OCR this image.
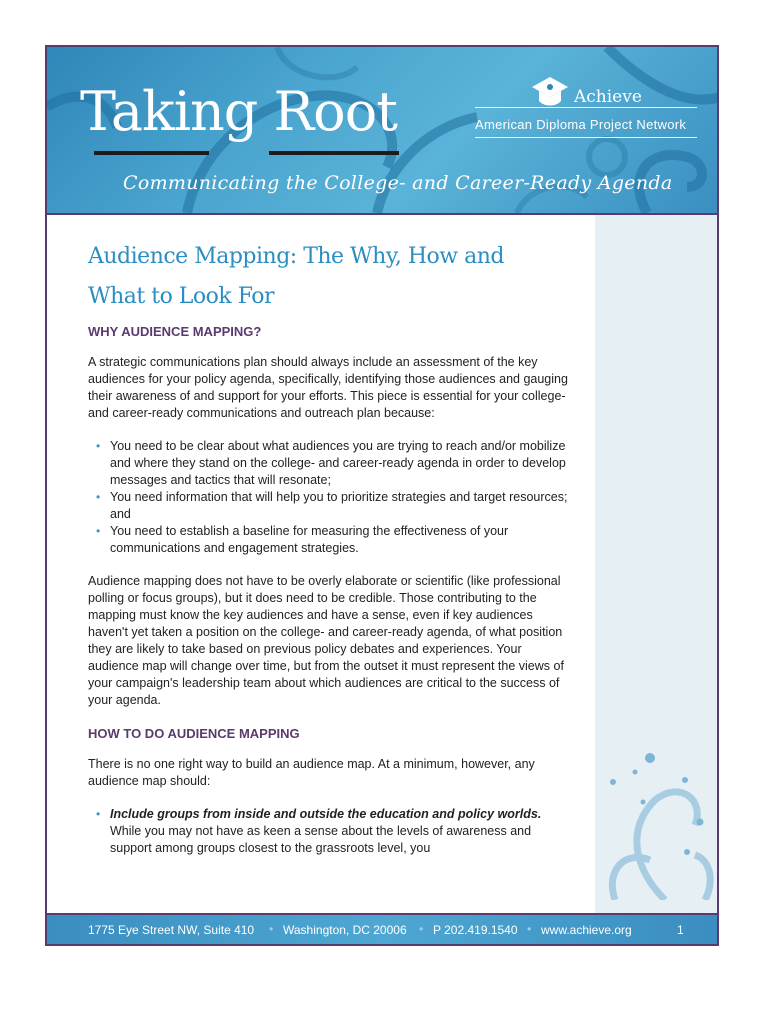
Taking Root
Communicating the College- and Career-Ready Agenda
Achieve
American Diploma Project Network
Audience Mapping: The Why, How and
What to Look For
WHY AUDIENCE MAPPING?

A strategic communications plan should always include an assessment of the key audiences for your policy agenda, specifically, identifying those audiences and gauging their awareness of and support for your efforts. This piece is essential for your college- and career-ready communications and outreach plan because:

• You need to be clear about what audiences you are trying to reach and/or mobilize and where they stand on the college- and career-ready agenda in order to develop messages and tactics that will resonate;
• You need information that will help you to prioritize strategies and target resources; and
• You need to establish a baseline for measuring the effectiveness of your communications and engagement strategies.

Audience mapping does not have to be overly elaborate or scientific (like professional polling or focus groups), but it does need to be credible. Those contributing to the mapping must know the key audiences and have a sense, even if key audiences haven't yet taken a position on the college- and career-ready agenda, of what position they are likely to take based on previous policy debates and experiences. Your audience map will change over time, but from the outset it must represent the views of your campaign's leadership team about which audiences are critical to the success of your agenda.

HOW TO DO AUDIENCE MAPPING

There is no one right way to build an audience map. At a minimum, however, any audience map should:

• Include groups from inside and outside the education and policy worlds. While you may not have as keen a sense about the levels of awareness and support among groups closest to the grassroots level, you
1775 Eye Street NW, Suite 410 • Washington, DC 20006 • P 202.419.1540 • www.achieve.org	1
